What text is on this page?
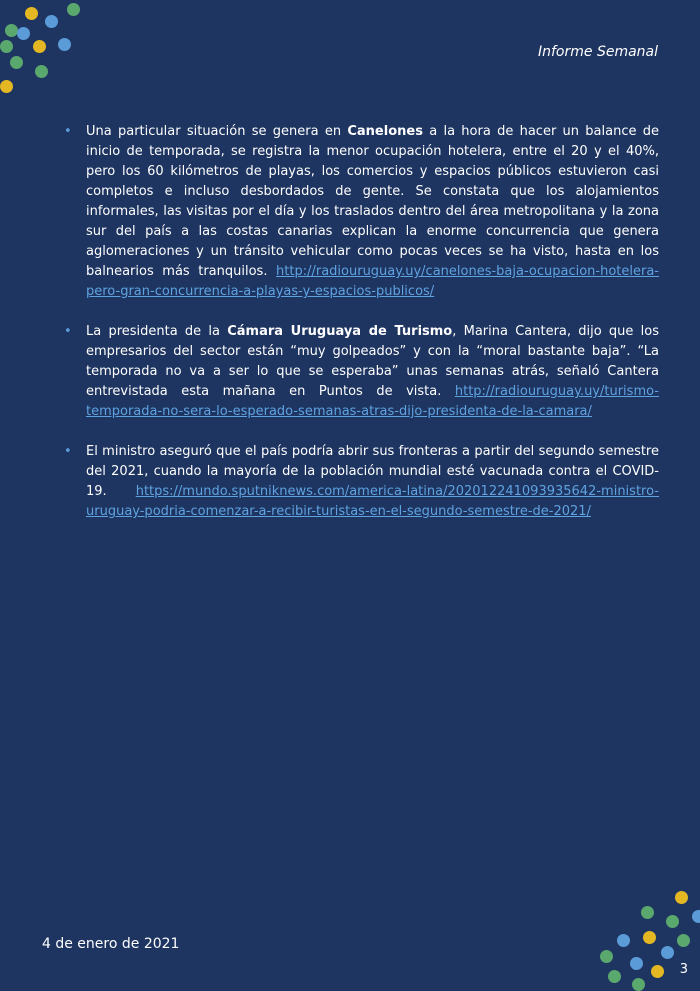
Informe Semanal
• Una particular situación se genera en Canelones a la hora de hacer un balance de inicio de temporada, se registra la menor ocupación hotelera, entre el 20 y el 40%, pero los 60 kilómetros de playas, los comercios y espacios públicos estuvieron casi completos e incluso desbordados de gente. Se constata que los alojamientos informales, las visitas por el día y los traslados dentro del área metropolitana y la zona sur del país a las costas canarias explican la enorme concurrencia que genera aglomeraciones y un tránsito vehicular como pocas veces se ha visto, hasta en los balnearios más tranquilos. http://radiouruguay.uy/canelones-baja-ocupacion-hotelera-pero-gran-concurrencia-a-playas-y-espacios-publicos/
• La presidenta de la Cámara Uruguaya de Turismo, Marina Cantera, dijo que los empresarios del sector están “muy golpeados” y con la “moral bastante baja”. “La temporada no va a ser lo que se esperaba” unas semanas atrás, señaló Cantera entrevistada esta mañana en Puntos de vista. http://radiouruguay.uy/turismo-temporada-no-sera-lo-esperado-semanas-atras-dijo-presidenta-de-la-camara/
• El ministro aseguró que el país podría abrir sus fronteras a partir del segundo semestre del 2021, cuando la mayoría de la población mundial esté vacunada contra el COVID-19. https://mundo.sputniknews.com/america-latina/202012241093935642-ministro-uruguay-podria-comenzar-a-recibir-turistas-en-el-segundo-semestre-de-2021/
4 de enero de 2021
3
